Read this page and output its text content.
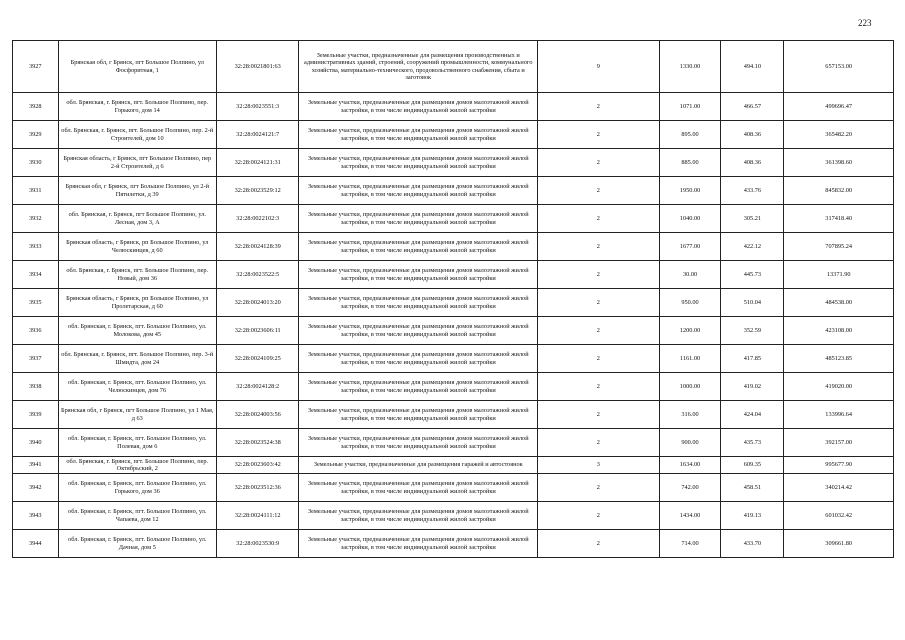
223
3927	Брянская обл, г Брянск, пгт Большое Полпино, ул Фосфоритная, 1	32:28:0021801:63	Земельные участки, предназначенные для размещения производственных и административных зданий, строений, сооружений промышленности, коммунального хозяйства, материально-технического, продовольственного снабжения, сбыта и заготовок	9	1330.00	494.10	657153.00
3928	обл. Брянская, г. Брянск, пгт. Большое Полпино, пер. Горького, дом 14	32:28:0023551:3	Земельные участки, предназначенные для размещения домов малоэтажной жилой застройки, в том числе индивидуальной жилой застройки	2	1071.00	466.57	499696.47
3929	обл. Брянская, г. Брянск, пгт. Большое Полпино, пер. 2-й Строителей, дом 10	32:28:0024121:7	Земельные участки, предназначенные для размещения домов малоэтажной жилой застройки, в том числе индивидуальной жилой застройки	2	895.00	408.36	365482.20
3930	Брянская область, г Брянск, пгт Большое Полпино, пер 2-й Строителей, д 6	32:28:0024121:31	Земельные участки, предназначенные для размещения домов малоэтажной жилой застройки, в том числе индивидуальной жилой застройки	2	885.00	408.36	361398.60
3931	Брянская обл, г Брянск, пгт Большое Полпино, ул 2-й Пятилетки, д 39	32:28:0023529:12	Земельные участки, предназначенные для размещения домов малоэтажной жилой застройки, в том числе индивидуальной жилой застройки	2	1950.00	433.76	845832.00
3932	обл. Брянская, г. Брянск, пгт Большое Полпино, ул. Лесная, дом 3, А	32:28:0022102:3	Земельные участки, предназначенные для размещения домов малоэтажной жилой застройки, в том числе индивидуальной жилой застройки	2	1040.00	305.21	317418.40
3933	Брянская область, г Брянск, рп Большое Полпино, ул Челюскинцев, д 60	32:28:0024128:39	Земельные участки, предназначенные для размещения домов малоэтажной жилой застройки, в том числе индивидуальной жилой застройки	2	1677.00	422.12	707895.24
3934	обл. Брянская, г. Брянск, пгт. Большое Полпино, пер. Новый, дом 36	32:28:0023522:5	Земельные участки, предназначенные для размещения домов малоэтажной жилой застройки, в том числе индивидуальной жилой застройки	2	30.00	445.73	13371.90
3935	Брянская область, г Брянск, рп Большое Полпино, ул Пролетарская, д 60	32:28:0024013:20	Земельные участки, предназначенные для размещения домов малоэтажной жилой застройки, в том числе индивидуальной жилой застройки	2	950.00	510.04	484538.00
3936	обл. Брянская, г. Брянск, пгт. Большое Полпино, ул. Молокова, дом 45	32:28:0023606:11	Земельные участки, предназначенные для размещения домов малоэтажной жилой застройки, в том числе индивидуальной жилой застройки	2	1200.00	352.59	423108.00
3937	обл. Брянская, г. Брянск, пгт. Большое Полпино, пер. 3-й Шмидта, дом 24	32:28:0024109:25	Земельные участки, предназначенные для размещения домов малоэтажной жилой застройки, в том числе индивидуальной жилой застройки	2	1161.00	417.85	485123.85
3938	обл. Брянская, г. Брянск, пгт. Большое Полпино, ул. Челюскинцев, дом 76	32:28:0024128:2	Земельные участки, предназначенные для размещения домов малоэтажной жилой застройки, в том числе индивидуальной жилой застройки	2	1000.00	419.02	419020.00
3939	Брянская обл, г Брянск, пгт Большое Полпино, ул 1 Мая, д 63	32:28:0024003:56	Земельные участки, предназначенные для размещения домов малоэтажной жилой застройки, в том числе индивидуальной жилой застройки	2	316.00	424.04	133996.64
3940	обл. Брянская, г. Брянск, пгт. Большое Полпино, ул. Полевая, дом 6	32:28:0023524:38	Земельные участки, предназначенные для размещения домов малоэтажной жилой застройки, в том числе индивидуальной жилой застройки	2	900.00	435.73	392157.00
3941	обл. Брянская, г. Брянск, пгт. Большое Полпино, пер. Октябрьский, 2	32:28:0023603:42	Земельные участки, предназначенные для размещения гаражей и автостоянок	3	1634.00	609.35	995677.90
3942	обл. Брянская, г. Брянск, пгт. Большое Полпино, ул. Горького, дом 36	32:28:0023512:36	Земельные участки, предназначенные для размещения домов малоэтажной жилой застройки, в том числе индивидуальной жилой застройки	2	742.00	458.51	340214.42
3943	обл. Брянская, г. Брянск, пгт. Большое Полпино, ул. Чапаева, дом 12	32:28:0024111:12	Земельные участки, предназначенные для размещения домов малоэтажной жилой застройки, в том числе индивидуальной жилой застройки	2	1434.00	419.13	601032.42
3944	обл. Брянская, г. Брянск, пгт. Большое Полпино, ул. Дачная, дом 5	32:28:0023530:9	Земельные участки, предназначенные для размещения домов малоэтажной жилой застройки, в том числе индивидуальной жилой застройки	2	714.00	433.70	309661.80
